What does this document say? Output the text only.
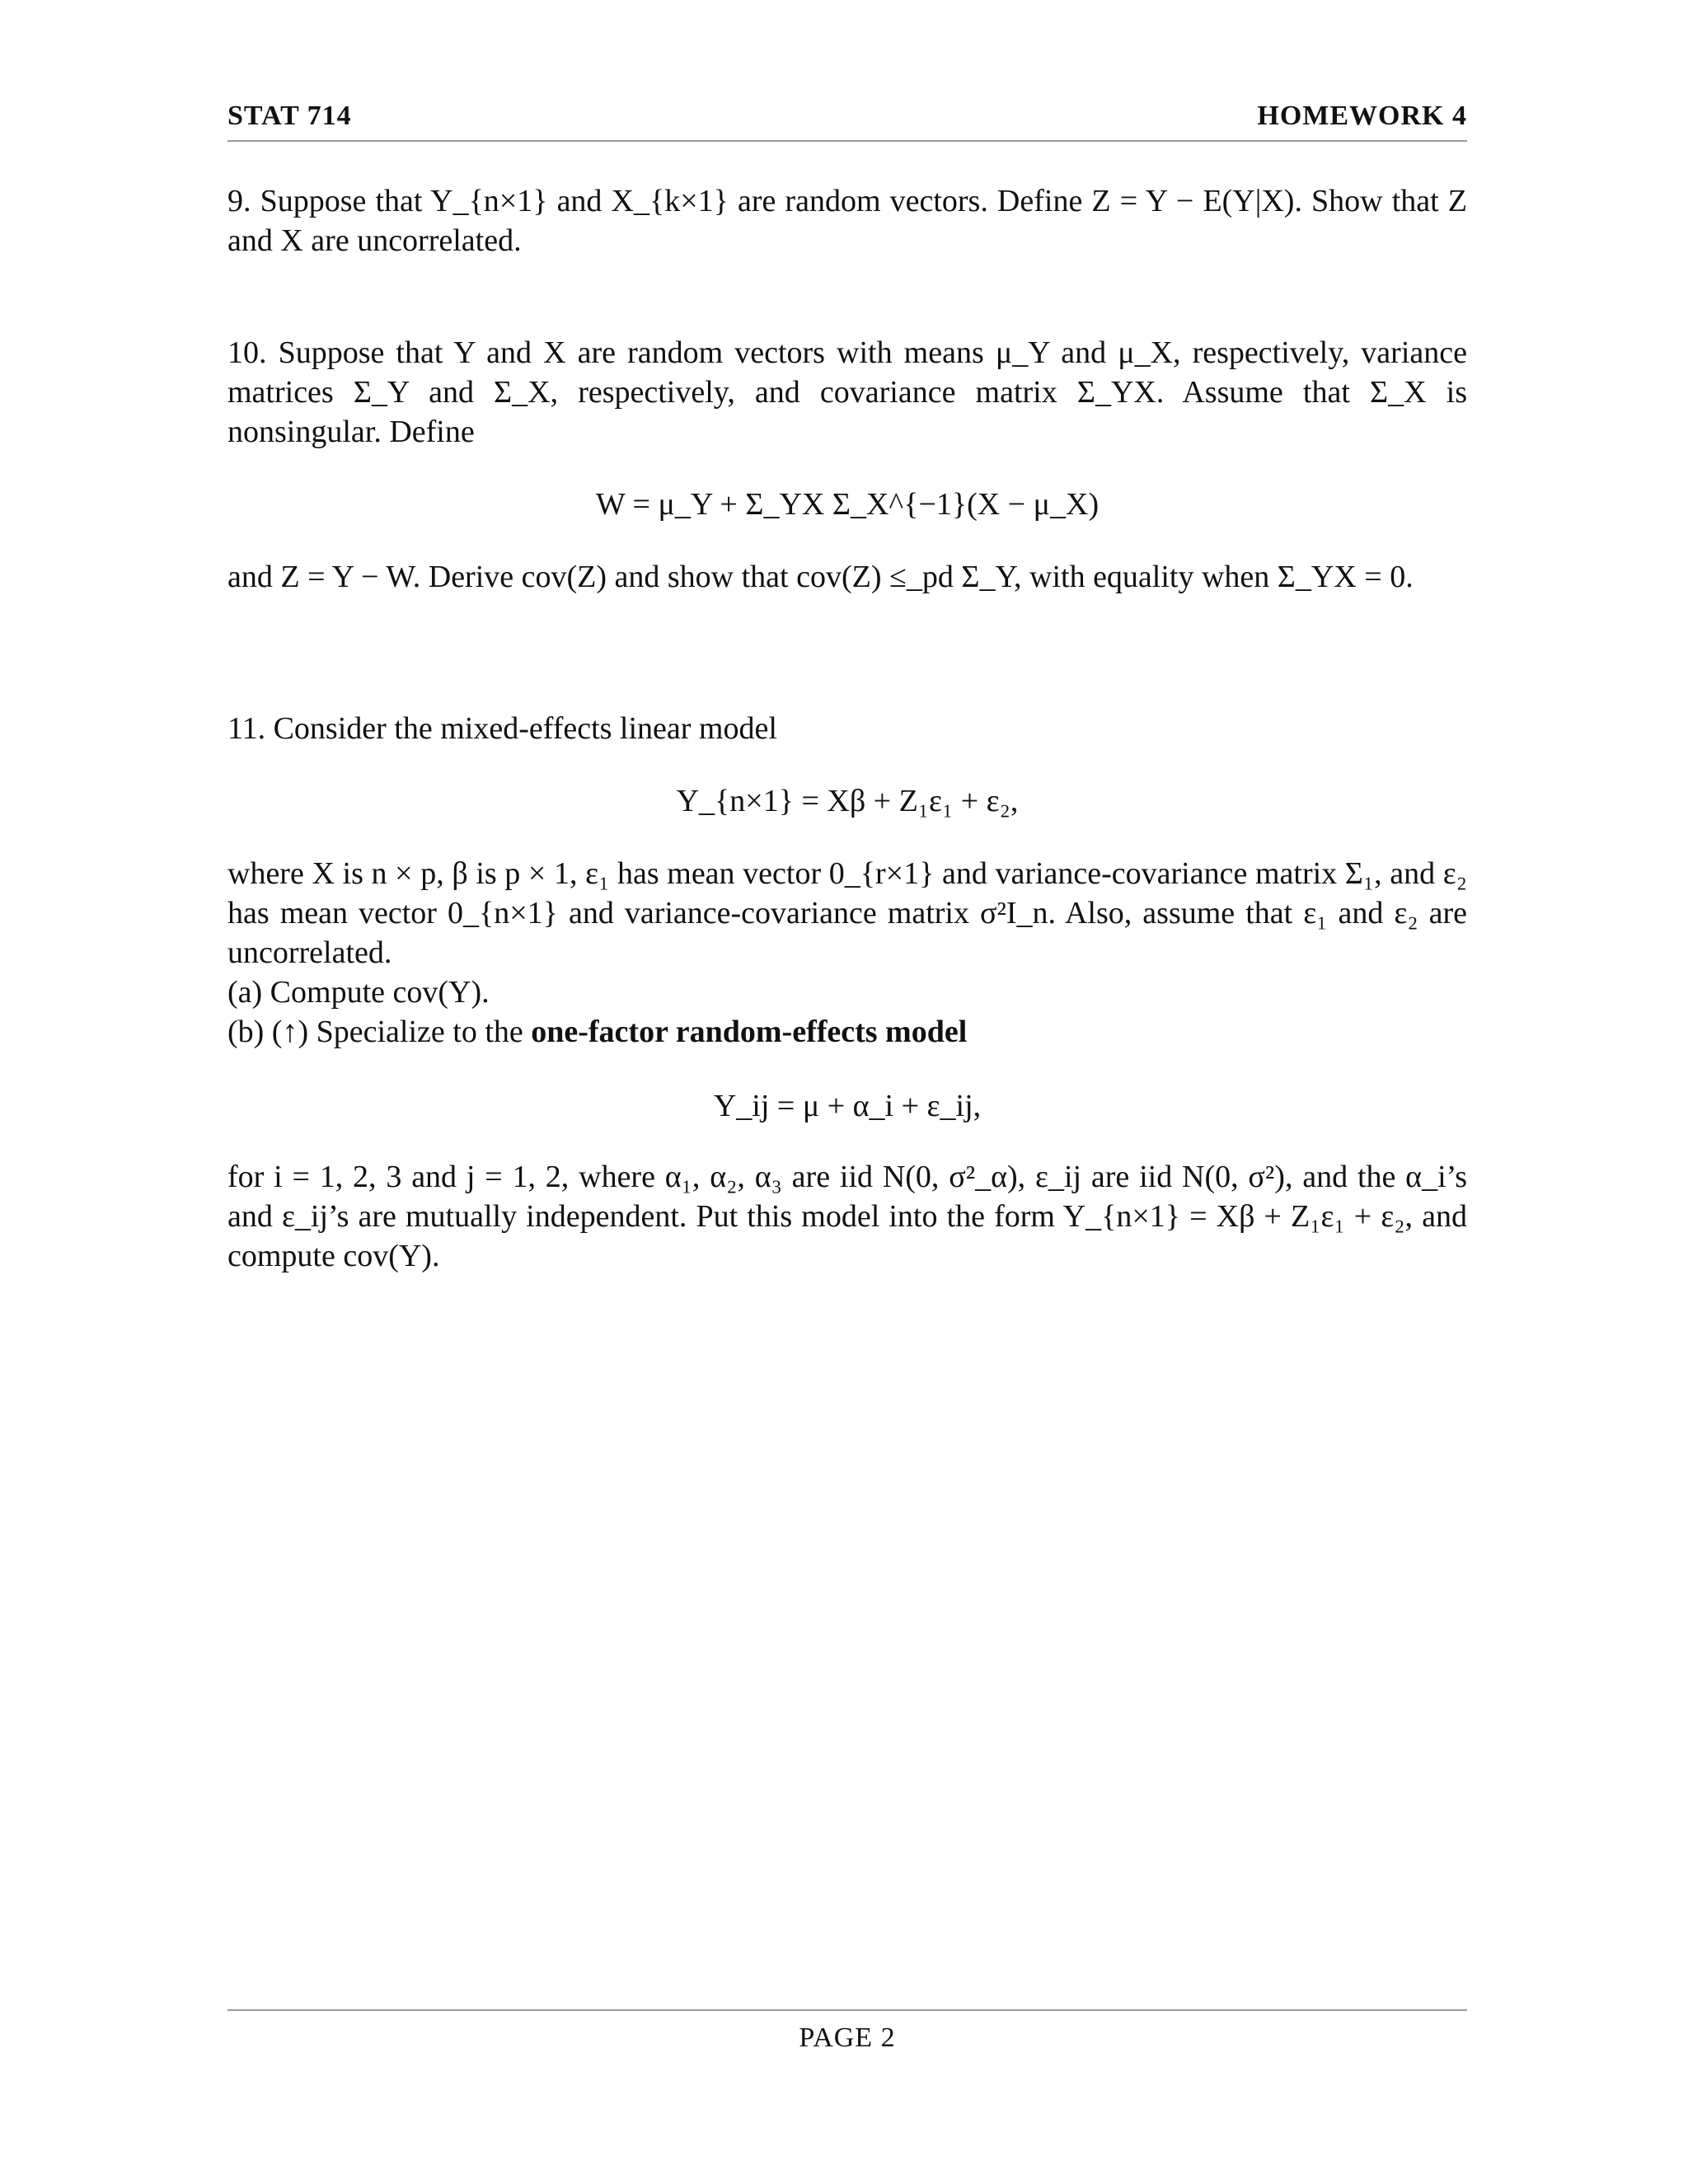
STAT 714	HOMEWORK 4

9. Suppose that Y_{n×1} and X_{k×1} are random vectors. Define Z = Y − E(Y|X). Show that Z and X are uncorrelated.

10. Suppose that Y and X are random vectors with means μ_Y and μ_X, respectively, variance matrices Σ_Y and Σ_X, respectively, and covariance matrix Σ_YX. Assume that Σ_X is nonsingular. Define

W = μ_Y + Σ_YX Σ_X^{−1}(X − μ_X)

and Z = Y − W. Derive cov(Z) and show that cov(Z) ≤_pd Σ_Y, with equality when Σ_YX = 0.

11. Consider the mixed-effects linear model

Y_{n×1} = Xβ + Z₁ε₁ + ε₂,

where X is n × p, β is p × 1, ε₁ has mean vector 0_{r×1} and variance-covariance matrix Σ₁, and ε₂ has mean vector 0_{n×1} and variance-covariance matrix σ²I_n. Also, assume that ε₁ and ε₂ are uncorrelated.

(a) Compute cov(Y).

(b) (↑) Specialize to the one-factor random-effects model

Y_ij = μ + α_i + ε_ij,

for i = 1, 2, 3 and j = 1, 2, where α₁, α₂, α₃ are iid N(0, σ²_α), ε_ij are iid N(0, σ²), and the α_i’s and ε_ij’s are mutually independent. Put this model into the form Y_{n×1} = Xβ + Z₁ε₁ + ε₂, and compute cov(Y).

PAGE 2
